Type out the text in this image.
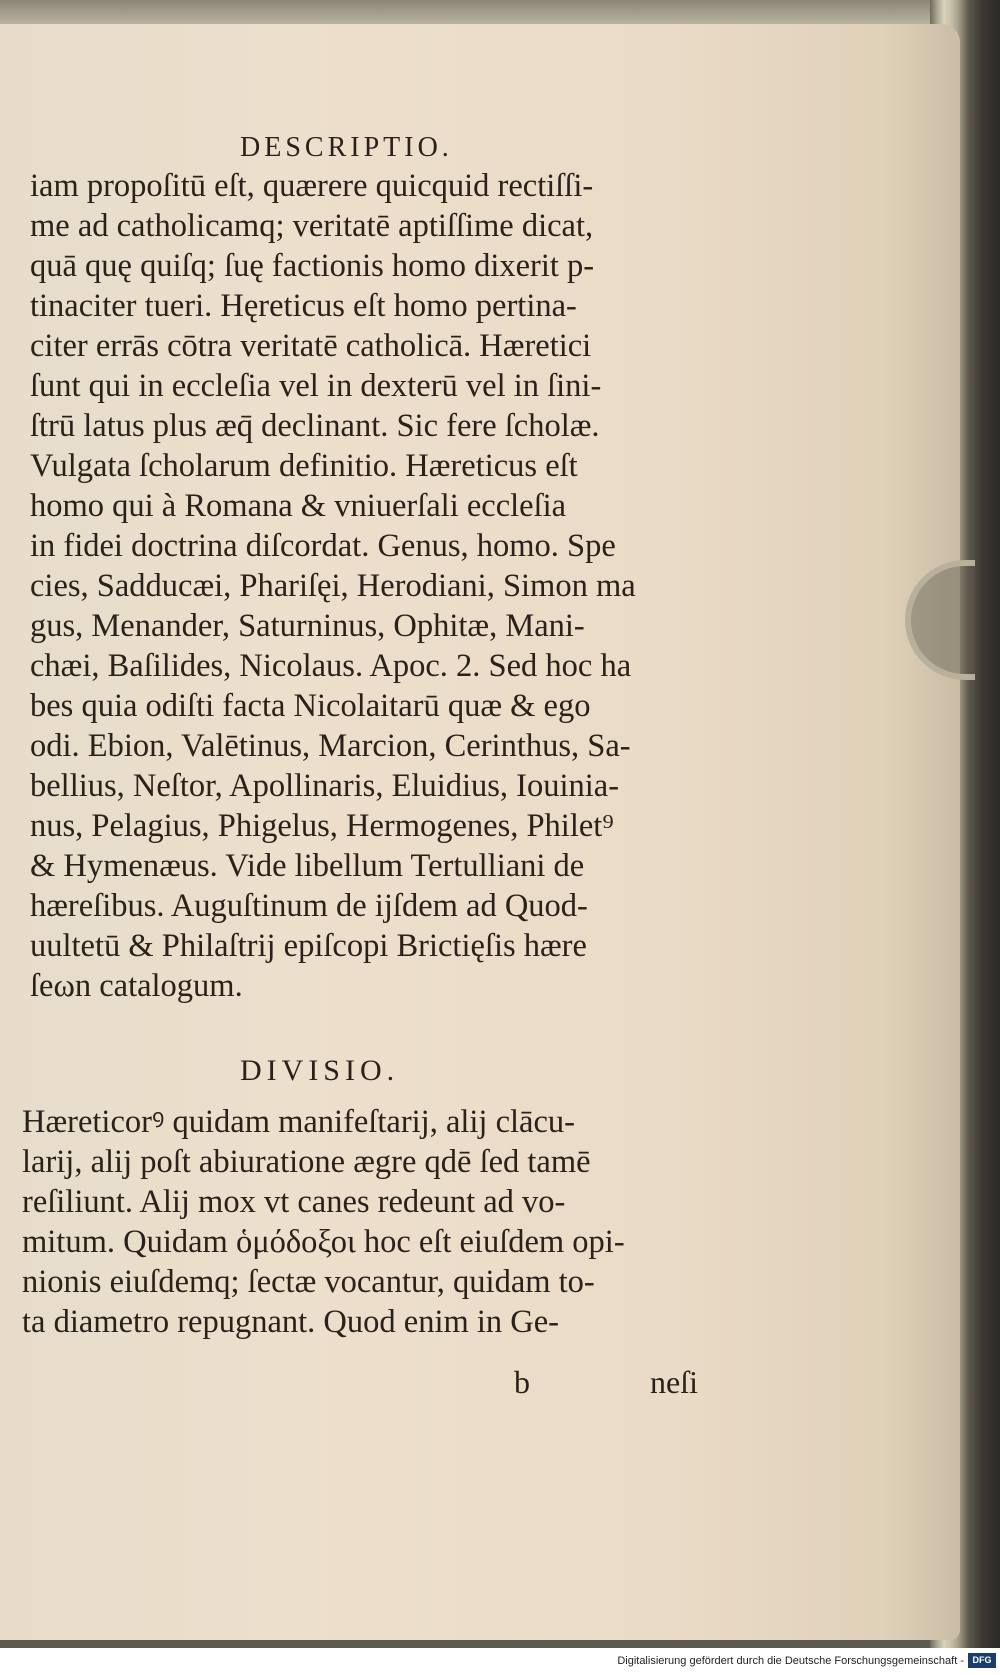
DESCRIPTIO.
iam propoſitū eſt, quærere quicquid rectiſſi-
me ad catholicamq; veritatē aptiſſime dicat,
quā quę quiſq; ſuę factionis homo dixerit p-
tinaciter tueri. Hęreticus eſt homo pertina-
citer errās cōtra veritatē catholicā. Hæretici
ſunt qui in eccleſia vel in dexterū vel in ſini-
ſtrū latus plus æq̄ declinant. Sic fere ſcholæ.
Vulgata ſcholarum definitio. Hæreticus eſt
homo qui à Romana & vniuerſali eccleſia
in fidei doctrina diſcordat. Genus, homo. Spe
cies, Sadducæi, Phariſęi, Herodiani, Simon ma
gus, Menander, Saturninus, Ophitæ, Mani-
chæi, Baſilides, Nicolaus. Apoc. 2. Sed hoc ha
bes quia odiſti facta Nicolaitarū quæ & ego
odi. Ebion, Valētinus, Marcion, Cerinthus, Sa-
bellius, Neſtor, Apollinaris, Eluidius, Iouinia-
nus, Pelagius, Phigelus, Hermogenes, Philet⁹
& Hymenæus. Vide libellum Tertulliani de
hæreſibus. Auguſtinum de ijſdem ad Quod-
uultetū & Philaſtrij epiſcopi Brictięſis hære
ſeωn catalogum.
DIVISIO.
Hæreticorꝰ quidam manifeſtarij, alij clācu-
larij, alij poſt abiuratione ægre qdē ſed tamē
reſiliunt. Alij mox vt canes redeunt ad vo-
mitum. Quidam ὁμόδοξοι hoc eſt eiuſdem opi-
nionis eiuſdemq; ſectæ vocantur, quidam to-
ta diametro repugnant. Quod enim in Ge-
b	neſi
Digitalisierung gefördert durch die Deutsche Forschungsgemeinschaft - DFG
